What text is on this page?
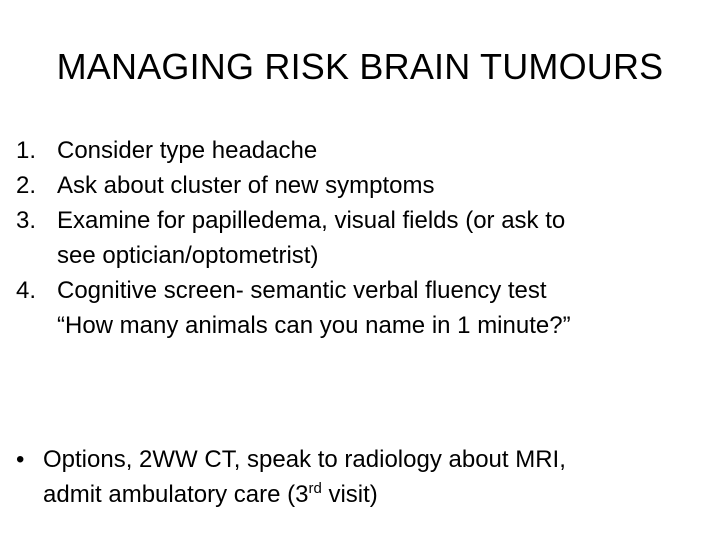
MANAGING RISK BRAIN TUMOURS
1. Consider type headache
2. Ask about cluster of new symptoms
3. Examine for papilledema, visual fields (or ask to
see optician/optometrist)
4. Cognitive screen- semantic verbal fluency test
“How many animals can you name in 1 minute?”
• Options, 2WW CT, speak to radiology about MRI,
admit ambulatory care (3rd visit)
